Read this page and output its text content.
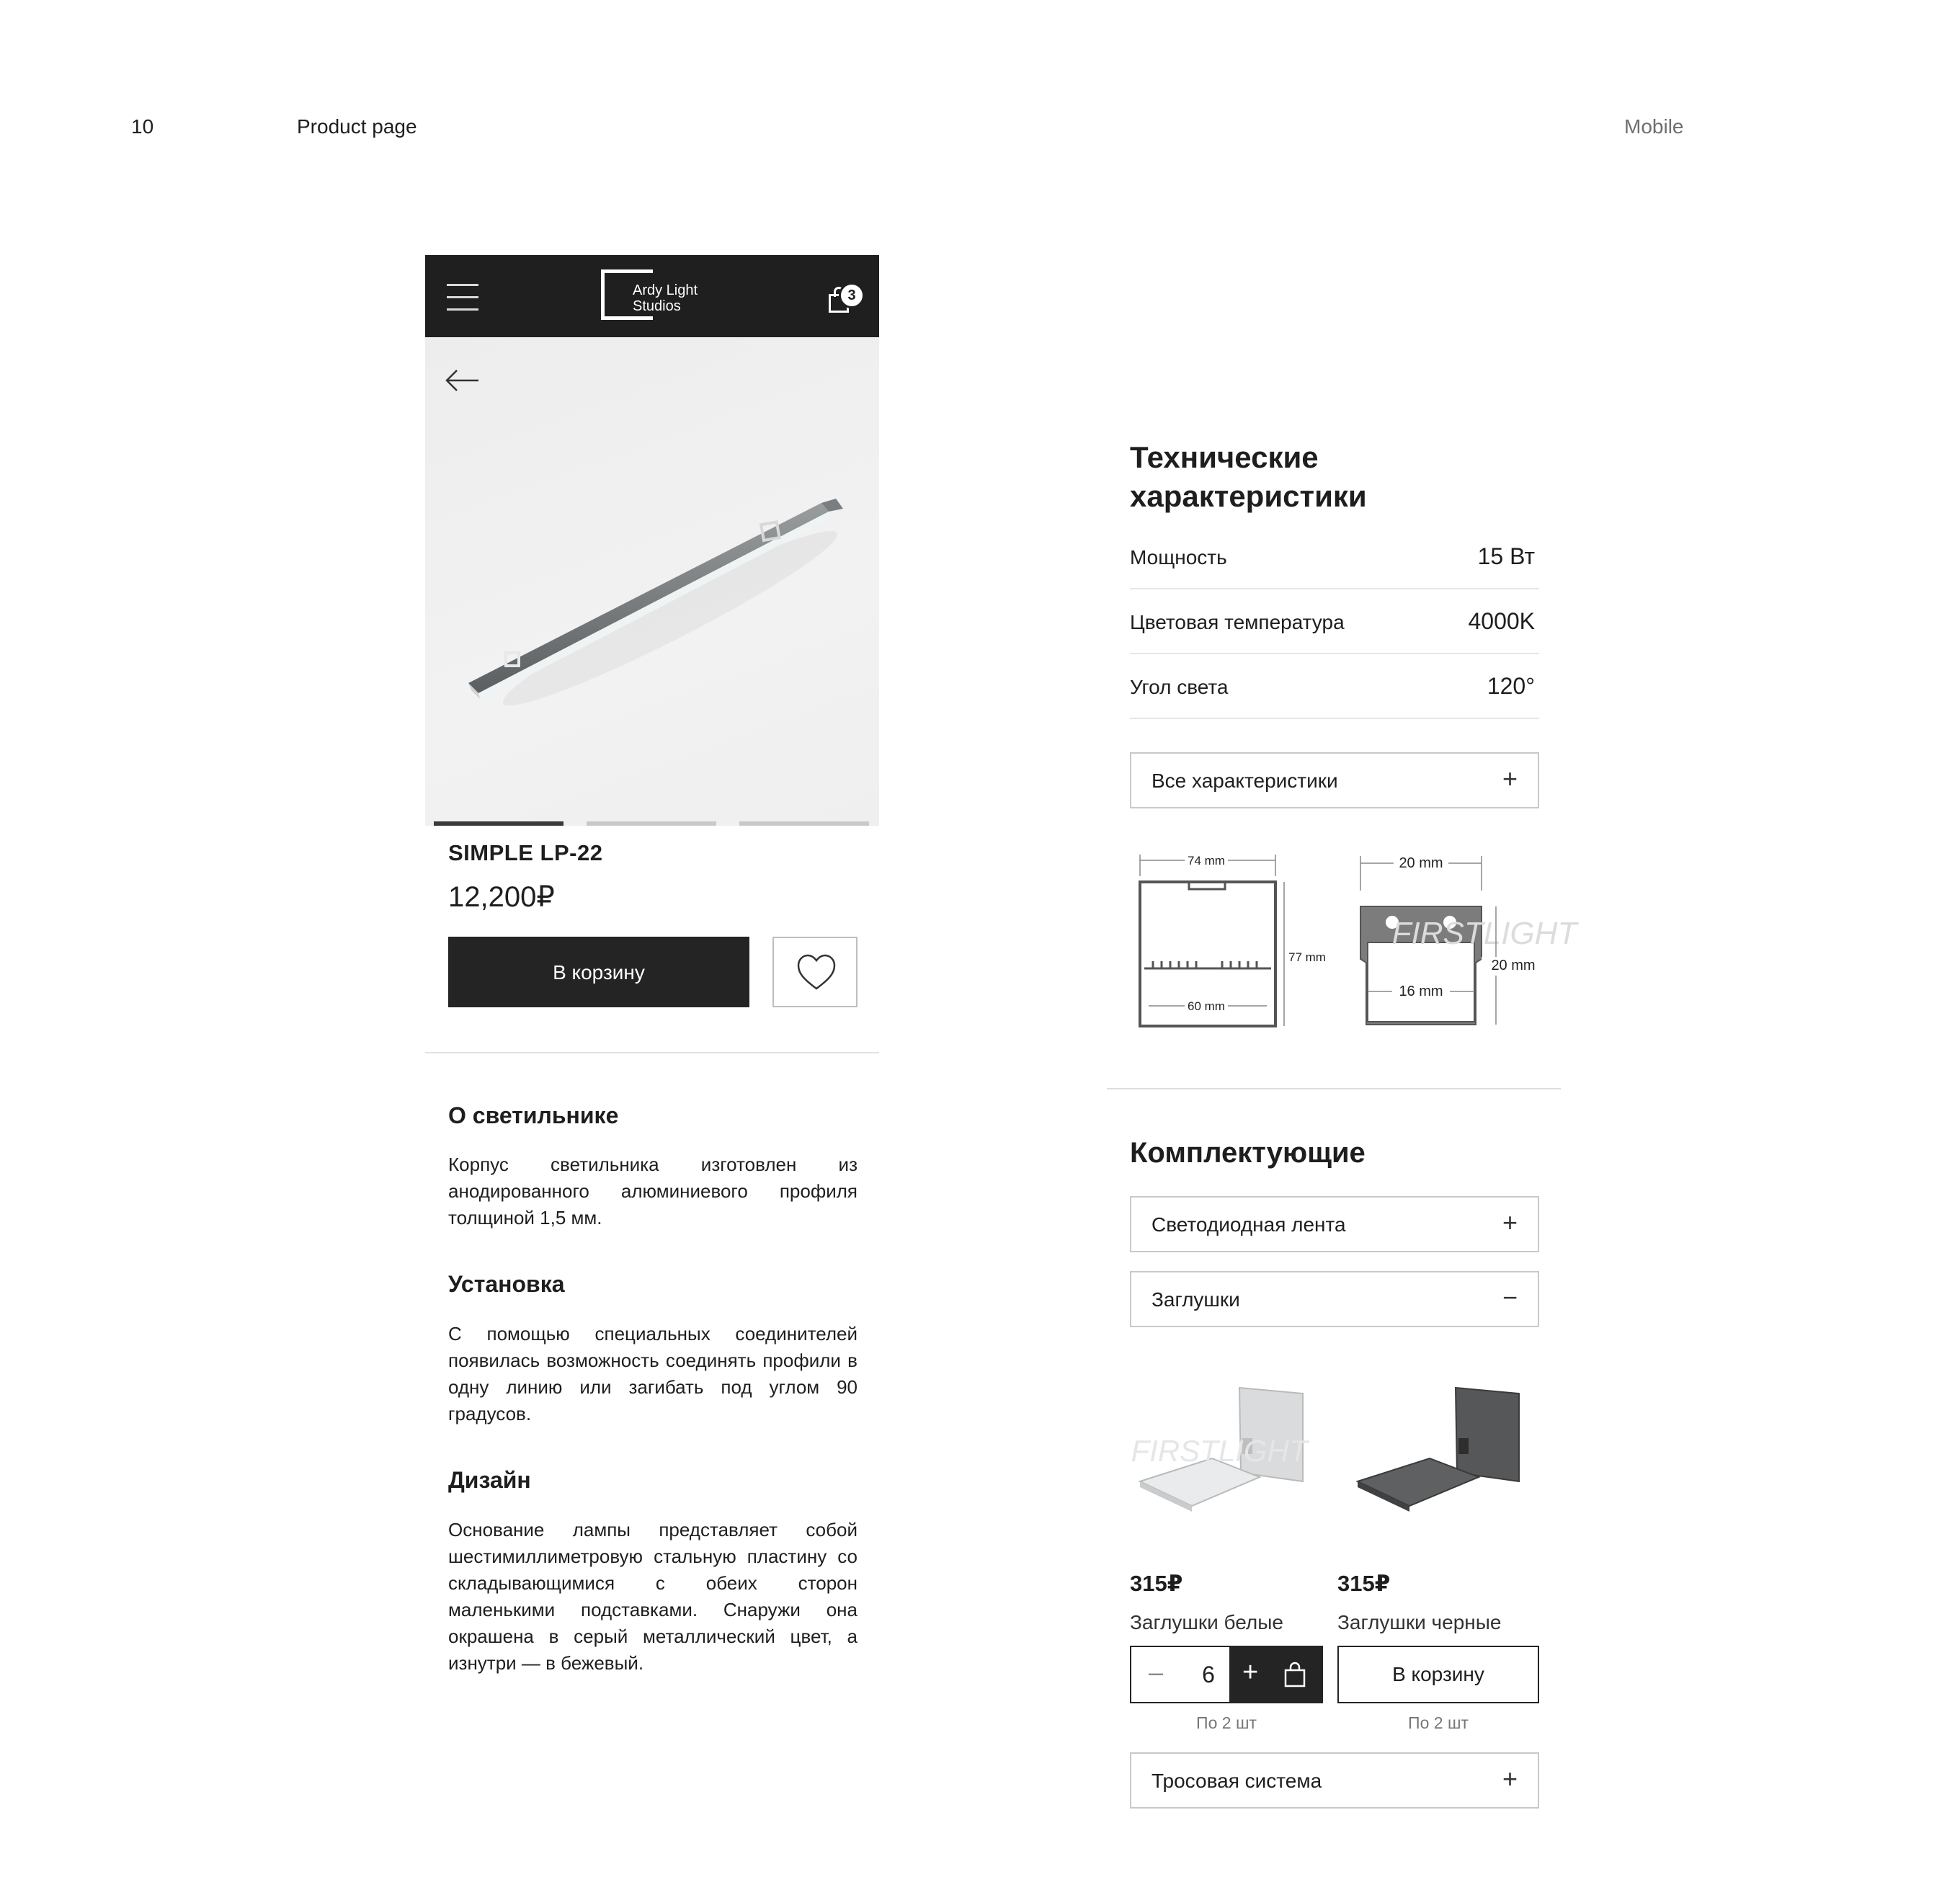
10	Product page	Mobile
Ardy Light
Studios
3
SIMPLE LP-22
12,200₽
В корзину
О светильнике
Корпус светильника изготовлен из анодированного алюминиевого профиля толщиной 1,5 мм.
Установка
С помощью специальных соединителей появилась возможность соединять профили в одну линию или загибать под углом 90 градусов.
Дизайн
Основание лампы представляет собой шестимиллиметровую стальную пластину со складывающимися с обеих сторон маленькими подставками. Снаружи она окрашена в серый металлический цвет, а изнутри — в бежевый.
Технические характеристики
Мощность	15 Вт
Цветовая температура	4000K
Угол света	120°
Все характеристики	+
74 mm
77 mm
60 mm
20 mm
FIRSTLIGHT
20 mm
16 mm
Комплектующие
Светодиодная лента	+
Заглушки	−
FIRSTLIGHT
315₽
Заглушки белые
315₽
Заглушки черные
–	6	+	В корзину
По 2 шт	По 2 шт
Тросовая система	+
